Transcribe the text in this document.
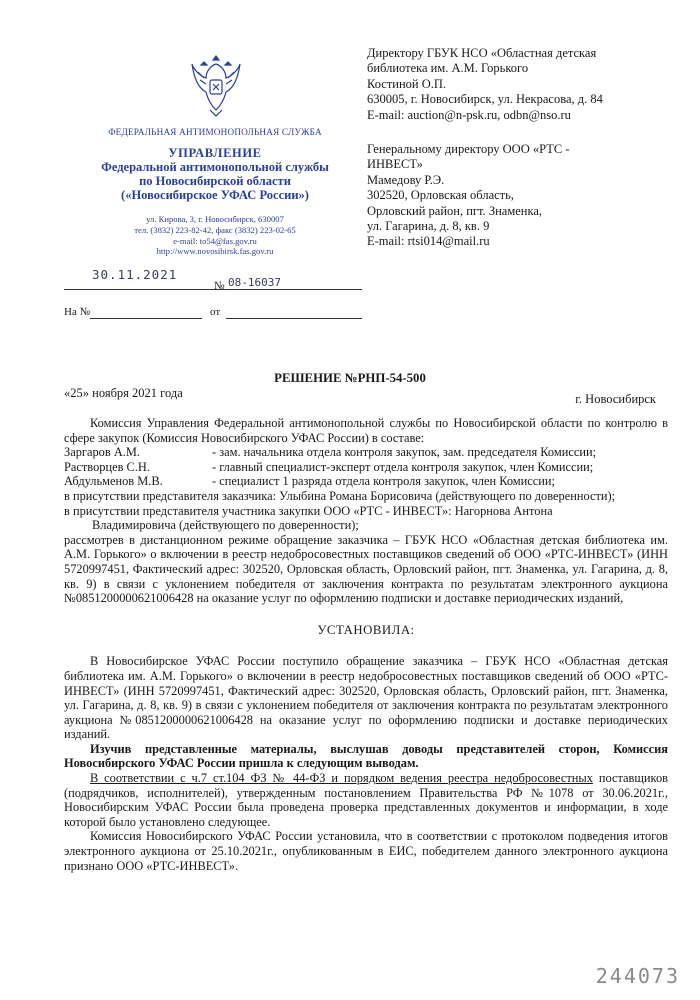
ФЕДЕРАЛЬНАЯ АНТИМОНОПОЛЬНАЯ СЛУЖБА
УПРАВЛЕНИЕ
Федеральной антимонопольной службы
по Новосибирской области
(«Новосибирское УФАС России»)
ул. Кирова, 3, г. Новосибирск, 630007
тел. (3832) 223-82-42, факс (3832) 223-02-65
e-mail: to54@fas.gov.ru
http://www.novosibirsk.fas.gov.ru
30.11.2021
№ 08-16037
На №	от
Директору ГБУК НСО «Областная детская
библиотека им. А.М. Горького
Костиной О.П.
630005, г. Новосибирск, ул. Некрасова, д. 84
E-mail: auction@n-psk.ru, odbn@nso.ru
Генеральному директору ООО «РТС -
ИНВЕСТ»
Мамедову Р.Э.
302520, Орловская область,
Орловский район, пгт. Знаменка,
ул. Гагарина, д. 8, кв. 9
E-mail: rtsi014@mail.ru
РЕШЕНИЕ №РНП-54-500
«25» ноября 2021 года	г. Новосибирск

Комиссия Управления Федеральной антимонопольной службы по Новосибирской области по контролю в сфере закупок (Комиссия Новосибирского УФАС России) в составе:

Заргаров А.М.	- зам. начальника отдела контроля закупок, зам. председателя Комиссии;
Растворцев С.Н.	- главный специалист-эксперт отдела контроля закупок, член Комиссии;
Абдульменов М.В.	- специалист 1 разряда отдела контроля закупок, член Комиссии;

в присутствии представителя заказчика: Улыбина Романа Борисовича (действующего по доверенности);

в присутствии представителя участника закупки ООО «РТС - ИНВЕСТ»: Нагорнова Антона

Владимировича (действующего по доверенности);

рассмотрев в дистанционном режиме обращение заказчика – ГБУК НСО «Областная детская библиотека им. А.М. Горького» о включении в реестр недобросовестных поставщиков сведений об ООО «РТС-ИНВЕСТ» (ИНН 5720997451, Фактический адрес: 302520, Орловская область, Орловский район, пгт. Знаменка, ул. Гагарина, д. 8, кв. 9) в связи с уклонением победителя от заключения контракта по результатам электронного аукциона №0851200000621006428 на оказание услуг по оформлению подписки и доставке периодических изданий,

УСТАНОВИЛА:

В Новосибирское УФАС России поступило обращение заказчика – ГБУК НСО «Областная детская библиотека им. А.М. Горького» о включении в реестр недобросовестных поставщиков сведений об ООО «РТС-ИНВЕСТ» (ИНН 5720997451, Фактический адрес: 302520, Орловская область, Орловский район, пгт. Знаменка, ул. Гагарина, д. 8, кв. 9) в связи с уклонением победителя от заключения контракта по результатам электронного аукциона №0851200000621006428 на оказание услуг по оформлению подписки и доставке периодических изданий.

Изучив представленные материалы, выслушав доводы представителей сторон, Комиссия Новосибирского УФАС России пришла к следующим выводам.

В соответствии с ч.7 ст.104 ФЗ № 44-ФЗ и порядком ведения реестра недобросовестных поставщиков (подрядчиков, исполнителей), утвержденным постановлением Правительства РФ №1078 от 30.06.2021г., Новосибирским УФАС России была проведена проверка представленных документов и информации, в ходе которой было установлено следующее.

Комиссия Новосибирского УФАС России установила, что в соответствии с протоколом подведения итогов электронного аукциона от 25.10.2021г., опубликованным в ЕИС, победителем данного электронного аукциона признано ООО «РТС-ИНВЕСТ».

244073
